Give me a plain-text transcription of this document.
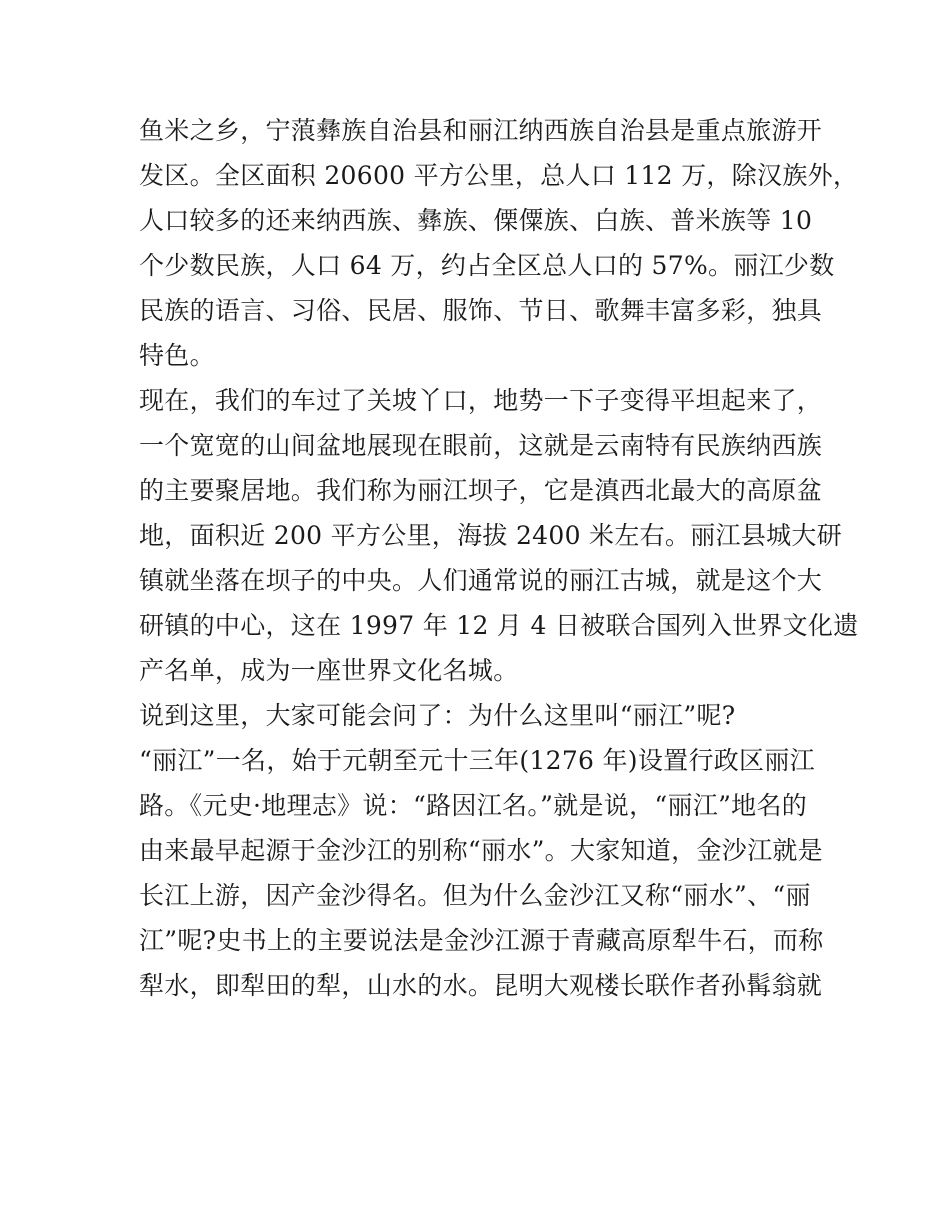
鱼米之乡，宁蒗彝族自治县和丽江纳西族自治县是重点旅游开
发区。全区面积 20600 平方公里，总人口 112 万，除汉族外，
人口较多的还来纳西族、彝族、傈僳族、白族、普米族等 10
个少数民族，人口 64 万，约占全区总人口的 57%。丽江少数
民族的语言、习俗、民居、服饰、节日、歌舞丰富多彩，独具
特色。
现在，我们的车过了关坡丫口，地势一下子变得平坦起来了，
一个宽宽的山间盆地展现在眼前，这就是云南特有民族纳西族
的主要聚居地。我们称为丽江坝子，它是滇西北最大的高原盆
地，面积近 200 平方公里，海拔 2400 米左右。丽江县城大研
镇就坐落在坝子的中央。人们通常说的丽江古城，就是这个大
研镇的中心，这在 1997 年 12 月 4 日被联合国列入世界文化遗
产名单，成为一座世界文化名城。
说到这里，大家可能会问了：为什么这里叫“丽江”呢?
“丽江”一名，始于元朝至元十三年(1276 年)设置行政区丽江
路。《元史·地理志》说：“路因江名。”就是说，“丽江”地名的
由来最早起源于金沙江的别称“丽水”。大家知道，金沙江就是
长江上游，因产金沙得名。但为什么金沙江又称“丽水”、“丽
江”呢?史书上的主要说法是金沙江源于青藏高原犁牛石，而称
犁水，即犁田的犁，山水的水。昆明大观楼长联作者孙髯翁就
